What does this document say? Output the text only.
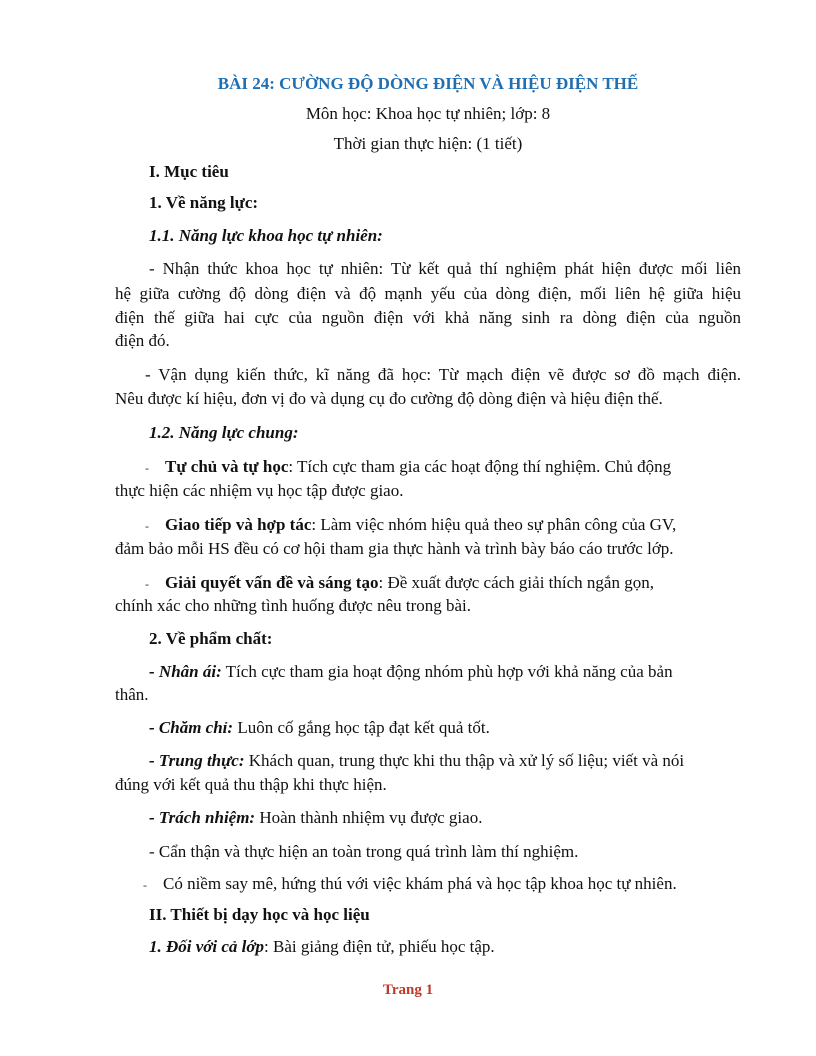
BÀI 24: CƯỜNG ĐỘ DÒNG ĐIỆN VÀ HIỆU ĐIỆN THẾ
Môn học: Khoa học tự nhiên; lớp: 8
Thời gian thực hiện: (1 tiết)
I. Mục tiêu
1. Về năng lực:
1.1. Năng lực khoa học tự nhiên:
- Nhận thức khoa học tự nhiên: Từ kết quả thí nghiệm phát hiện được mối liên
hệ giữa cường độ dòng điện và độ mạnh yếu của dòng điện, mối liên hệ giữa hiệu
điện thế giữa hai cực của nguồn điện với khả năng sinh ra dòng điện của nguồn
điện đó.
- Vận dụng kiến thức, kĩ năng đã học: Từ mạch điện vẽ được sơ đồ mạch điện.
Nêu được kí hiệu, đơn vị đo và dụng cụ đo cường độ dòng điện và hiệu điện thế.
1.2. Năng lực chung:
- Tự chủ và tự học: Tích cực tham gia các hoạt động thí nghiệm. Chủ động
thực hiện các nhiệm vụ học tập được giao.
- Giao tiếp và hợp tác: Làm việc nhóm hiệu quả theo sự phân công của GV,
đảm bảo mỗi HS đều có cơ hội tham gia thực hành và trình bày báo cáo trước lớp.
- Giải quyết vấn đề và sáng tạo: Đề xuất được cách giải thích ngắn gọn,
chính xác cho những tình huống được nêu trong bài.
2. Về phẩm chất:
- Nhân ái: Tích cực tham gia hoạt động nhóm phù hợp với khả năng của bản
thân.
- Chăm chỉ: Luôn cố gắng học tập đạt kết quả tốt.
- Trung thực: Khách quan, trung thực khi thu thập và xử lý số liệu; viết và nói
đúng với kết quả thu thập khi thực hiện.
- Trách nhiệm: Hoàn thành nhiệm vụ được giao.
- Cẩn thận và thực hiện an toàn trong quá trình làm thí nghiệm.
- Có niềm say mê, hứng thú với việc khám phá và học tập khoa học tự nhiên.
II. Thiết bị dạy học và học liệu
1. Đối với cả lớp: Bài giảng điện tử, phiếu học tập.
Trang 1
